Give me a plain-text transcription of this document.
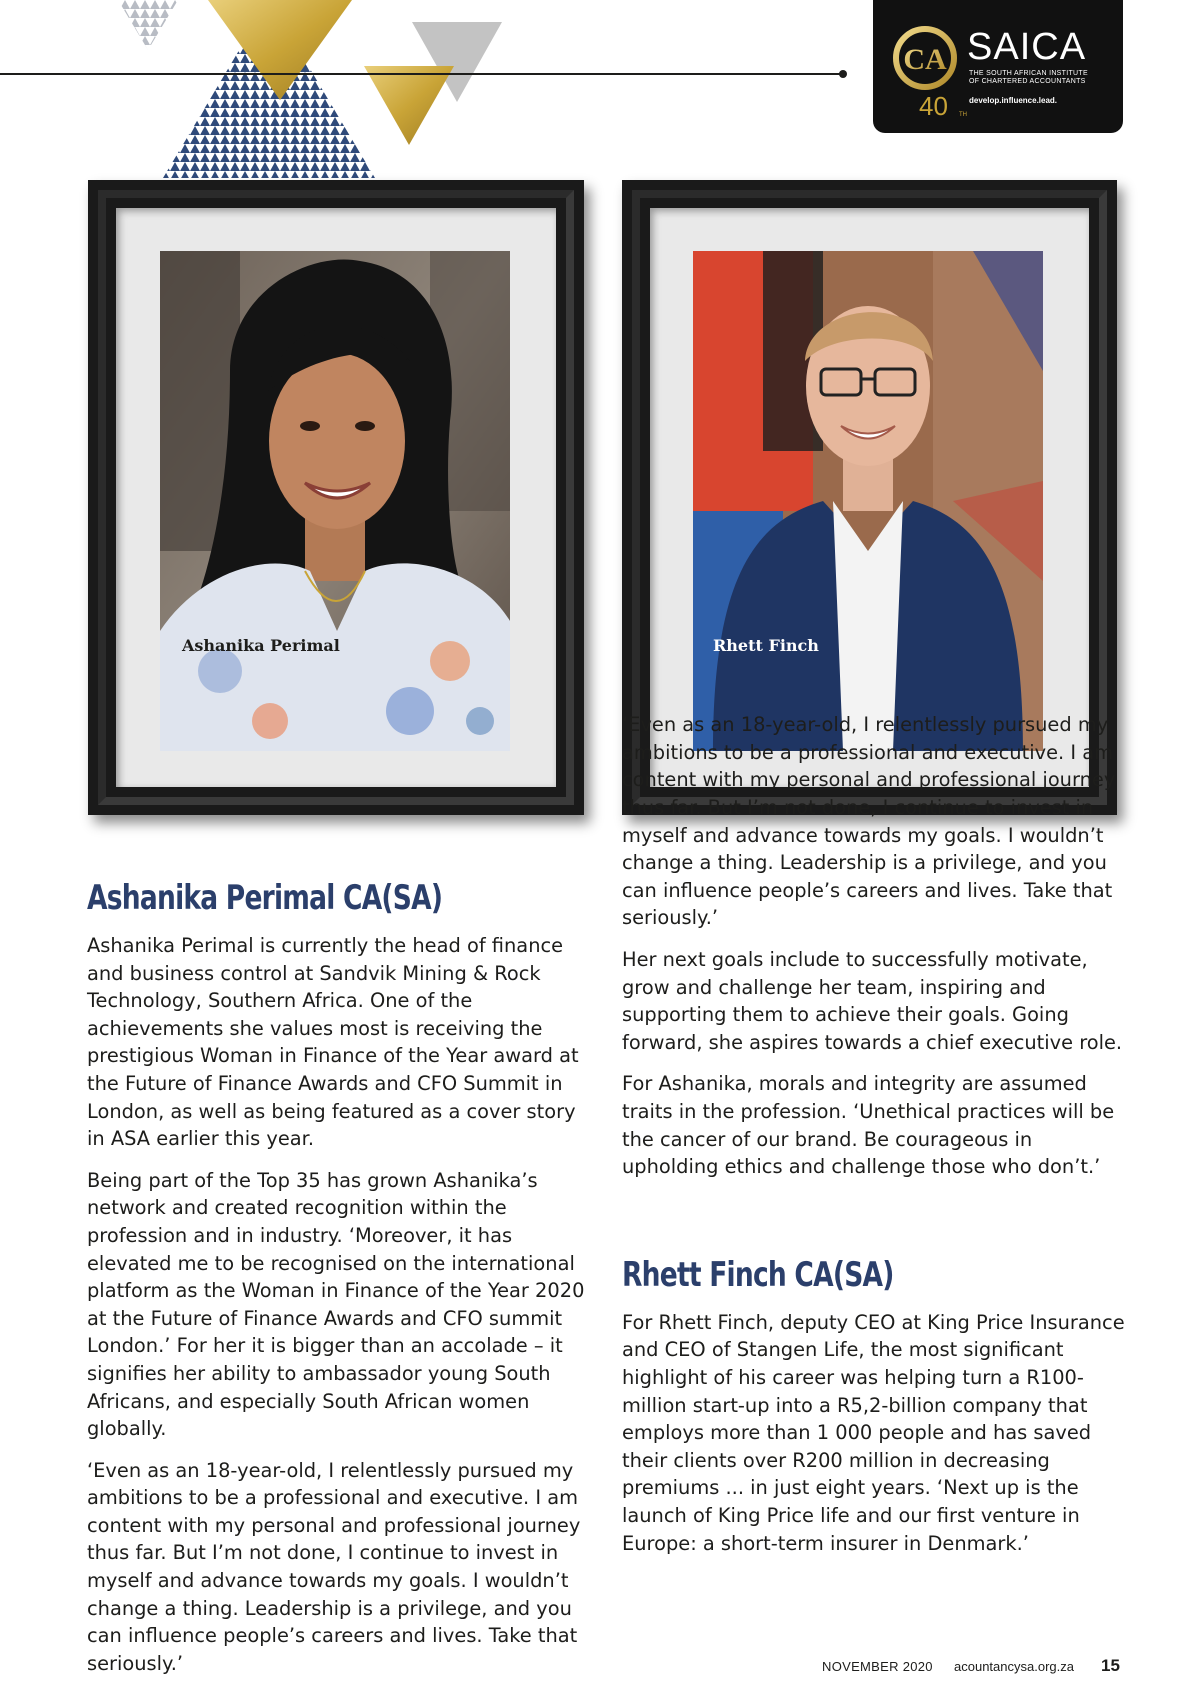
CA SAICA
THE SOUTH AFRICAN INSTITUTE
OF CHARTERED ACCOUNTANTS
40 TH
develop.influence.lead.
Ashanika Perimal	Rhett Finch
Ashanika Perimal CA(SA)

Ashanika Perimal is currently the head of finance and business control at Sandvik Mining & Rock Technology, Southern Africa. One of the achievements she values most is receiving the prestigious Woman in Finance of the Year award at the Future of Finance Awards and CFO Summit in London, as well as being featured as a cover story in ASA earlier this year.

Being part of the Top 35 has grown Ashanika’s network and created recognition within the profession and in industry. ‘Moreover, it has elevated me to be recognised on the international platform as the Woman in Finance of the Year 2020 at the Future of Finance Awards and CFO summit London.’ For her it is bigger than an accolade – it signifies her ability to ambassador young South Africans, and especially South African women globally.

‘Even as an 18-year-old, I relentlessly pursued my ambitions to be a professional and executive. I am content with my personal and professional journey thus far. But I’m not done, I continue to invest in myself and advance towards my goals. I wouldn’t change a thing. Leadership is a privilege, and you can influence people’s careers and lives. Take that seriously.’

myself and advance towards my goals. I wouldn’t change a thing. Leadership is a privilege, and you can influence people’s careers and lives. Take that seriously.’

Her next goals include to successfully motivate, grow and challenge her team, inspiring and supporting them to achieve their goals. Going forward, she aspires towards a chief executive role.

For Ashanika, morals and integrity are assumed traits in the profession. ‘Unethical practices will be the cancer of our brand. Be courageous in upholding ethics and challenge those who don’t.’

Rhett Finch CA(SA)

For Rhett Finch, deputy CEO at King Price Insurance and CEO of Stangen Life, the most significant highlight of his career was helping turn a R100-million start-up into a R5,2-billion company that employs more than 1 000 people and has saved their clients over R200 million in decreasing premiums ... in just eight years. ‘Next up is the launch of King Price life and our first venture in Europe: a short-term insurer in Denmark.’

NOVEMBER 2020 acountancysa.org.za 15
